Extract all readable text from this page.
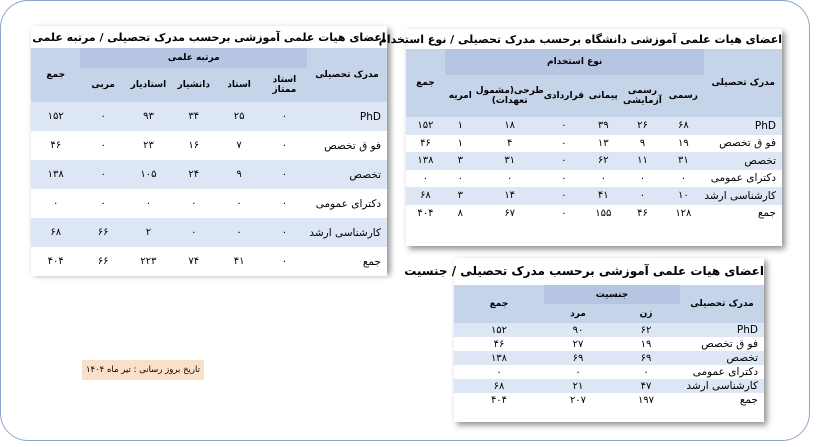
اعضای هیات علمی آموزشی برحسب مدرک تحصیلی / مرتبه علمی
مدرک تحصیلی	مرتبه علمی					جمع
	استاد ممتاز	استاد	دانشیار	استادیار	مربی	
PhD	۰	۲۵	۳۴	۹۳	۰	۱۵۲
فو ق تخصص	۰	۷	۱۶	۲۳	۰	۴۶
تخصص	۰	۹	۲۴	۱۰۵	۰	۱۳۸
دکترای عمومی	۰	۰	۰	۰	۰	۰
کارشناسی ارشد	۰	۰	۰	۲	۶۶	۶۸
جمع	۰	۴۱	۷۴	۲۲۳	۶۶	۴۰۴
اعضای هیات علمی آموزشی دانشگاه برحسب مدرک تحصیلی / نوع استخدام
مدرک تحصیلی	نوع استخدام						جمع
	رسمی	رسمی آزمایشی	پیمانی	قراردادی	طرحی(مشمول تعهدات)	امریه	
PhD	۶۸	۲۶	۳۹	۰	۱۸	۱	۱۵۲
فو ق تخصص	۱۹	۹	۱۳	۰	۴	۱	۴۶
تخصص	۳۱	۱۱	۶۲	۰	۳۱	۳	۱۳۸
دکترای عمومی	۰	۰	۰	۰	۰	۰	۰
کارشناسی ارشد	۱۰	۰	۴۱	۰	۱۴	۳	۶۸
جمع	۱۲۸	۴۶	۱۵۵	۰	۶۷	۸	۴۰۴
اعضای هیات علمی آموزشی برحسب مدرک تحصیلی / جنسیت
مدرک تحصیلی	جنسیت		جمع
	زن	مرد	
PhD	۶۲	۹۰	۱۵۲
فو ق تخصص	۱۹	۲۷	۴۶
تخصص	۶۹	۶۹	۱۳۸
دکترای عمومی	۰	۰	۰
کارشناسی ارشد	۴۷	۲۱	۶۸
جمع	۱۹۷	۲۰۷	۴۰۴
تاریخ بروز رسانی : تیر ماه ۱۴۰۴
